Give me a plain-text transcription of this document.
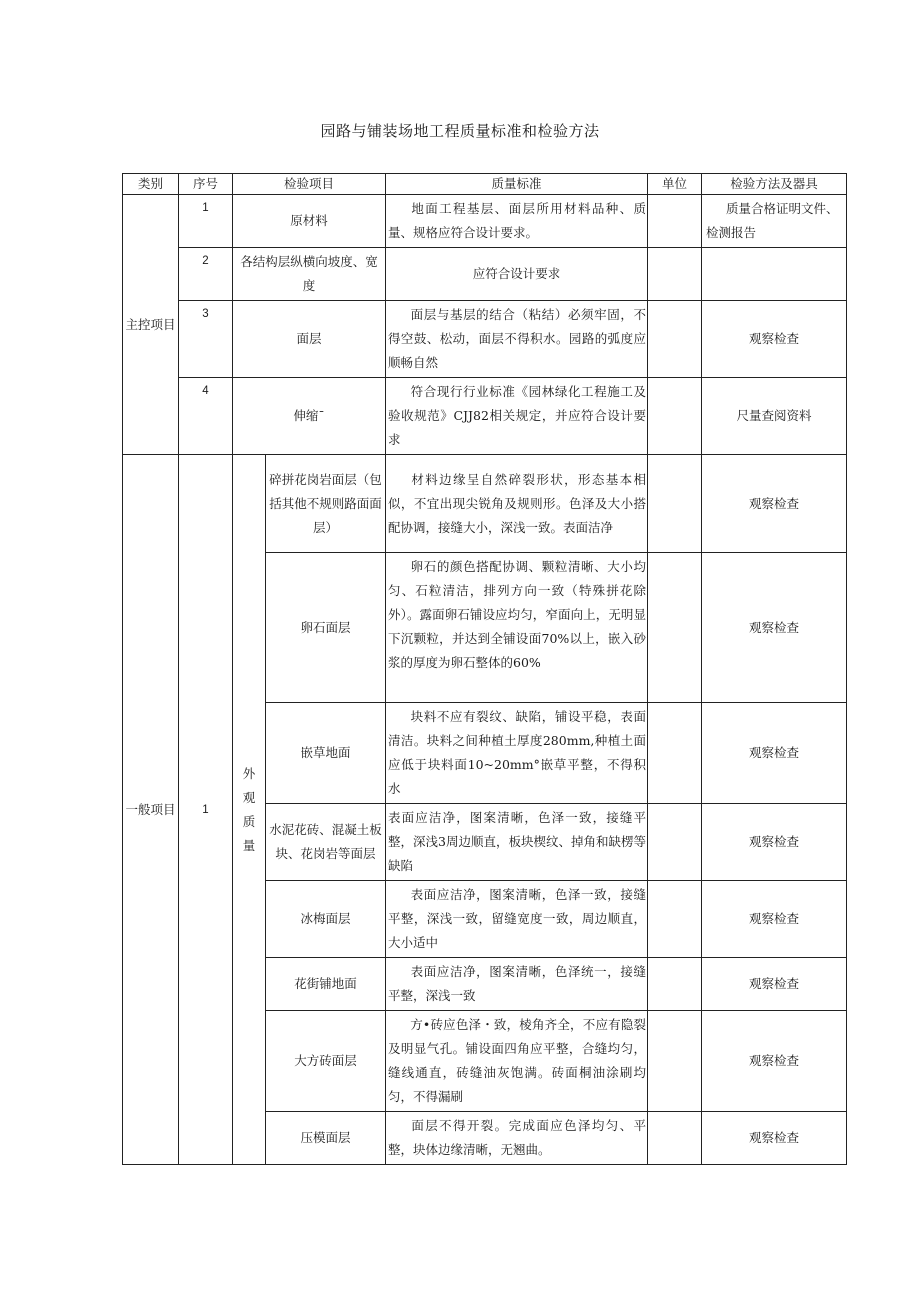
园路与铺装场地工程质量标准和检验方法
类别	序号	检验项目		质量标准	单位	检验方法及器具
主控项目	1	原材料		地面工程基层、面层所用材料品种、质量、规格应符合设计要求。		质量合格证明文件、检测报告
	2	各结构层纵横向坡度、宽度		应符合设计要求		
	3	面层		面层与基层的结合（粘结）必须牢固，不得空鼓、松动，面层不得积水。园路的弧度应顺畅自然		观察检查
	4	伸缩ˉ		符合现行行业标准《园林绿化工程施工及验收规范》CJJ82相关规定，并应符合设计要求		尺量查阅资料
一般项目	1	外观质量	碎拼花岗岩面层（包括其他不规则路面面层）	材料边缘呈自然碎裂形状，形态基本相似，不宜出现尖锐角及规则形。色泽及大小搭配协调，接缝大小，深浅一致。表面洁净		观察检查
			卵石面层	卵石的颜色搭配协调、颗粒清晰、大小均匀、石粒清洁，排列方向一致（特殊拼花除外）。露面卵石铺设应均匀，窄面向上，无明显下沉颗粒，并达到全铺设面70%以上，嵌入砂浆的厚度为卵石整体的60%		观察检查
			嵌草地面	块料不应有裂纹、缺陷，铺设平稳，表面清洁。块料之间种植土厚度280mm,种植土面应低于块料面10~20mm°嵌草平整，不得积水		观察检查
			水泥花砖、混凝土板块、花岗岩等面层	表面应洁净，图案清晰，色泽一致，接缝平整，深浅3周边顺直，板块楔纹、掉角和缺楞等缺陷		观察检查
			冰梅面层	表面应洁净，图案清晰，色泽一致，接缝平整，深浅一致，留缝宽度一致，周边顺直，大小适中		观察检查
			花街铺地面	表面应洁净，图案清晰，色泽统一，接缝平整，深浅一致		观察检查
			大方砖面层	方•砖应色泽・致，棱角齐全，不应有隐裂及明显气孔。铺设面四角应平整，合缝均匀，缝线通直，砖缝油灰饱满。砖面桐油涂刷均匀，不得漏刷		观察检查
			压模面层	面层不得开裂。完成面应色泽均匀、平整，块体边缘清晰，无翘曲。		观察检查
